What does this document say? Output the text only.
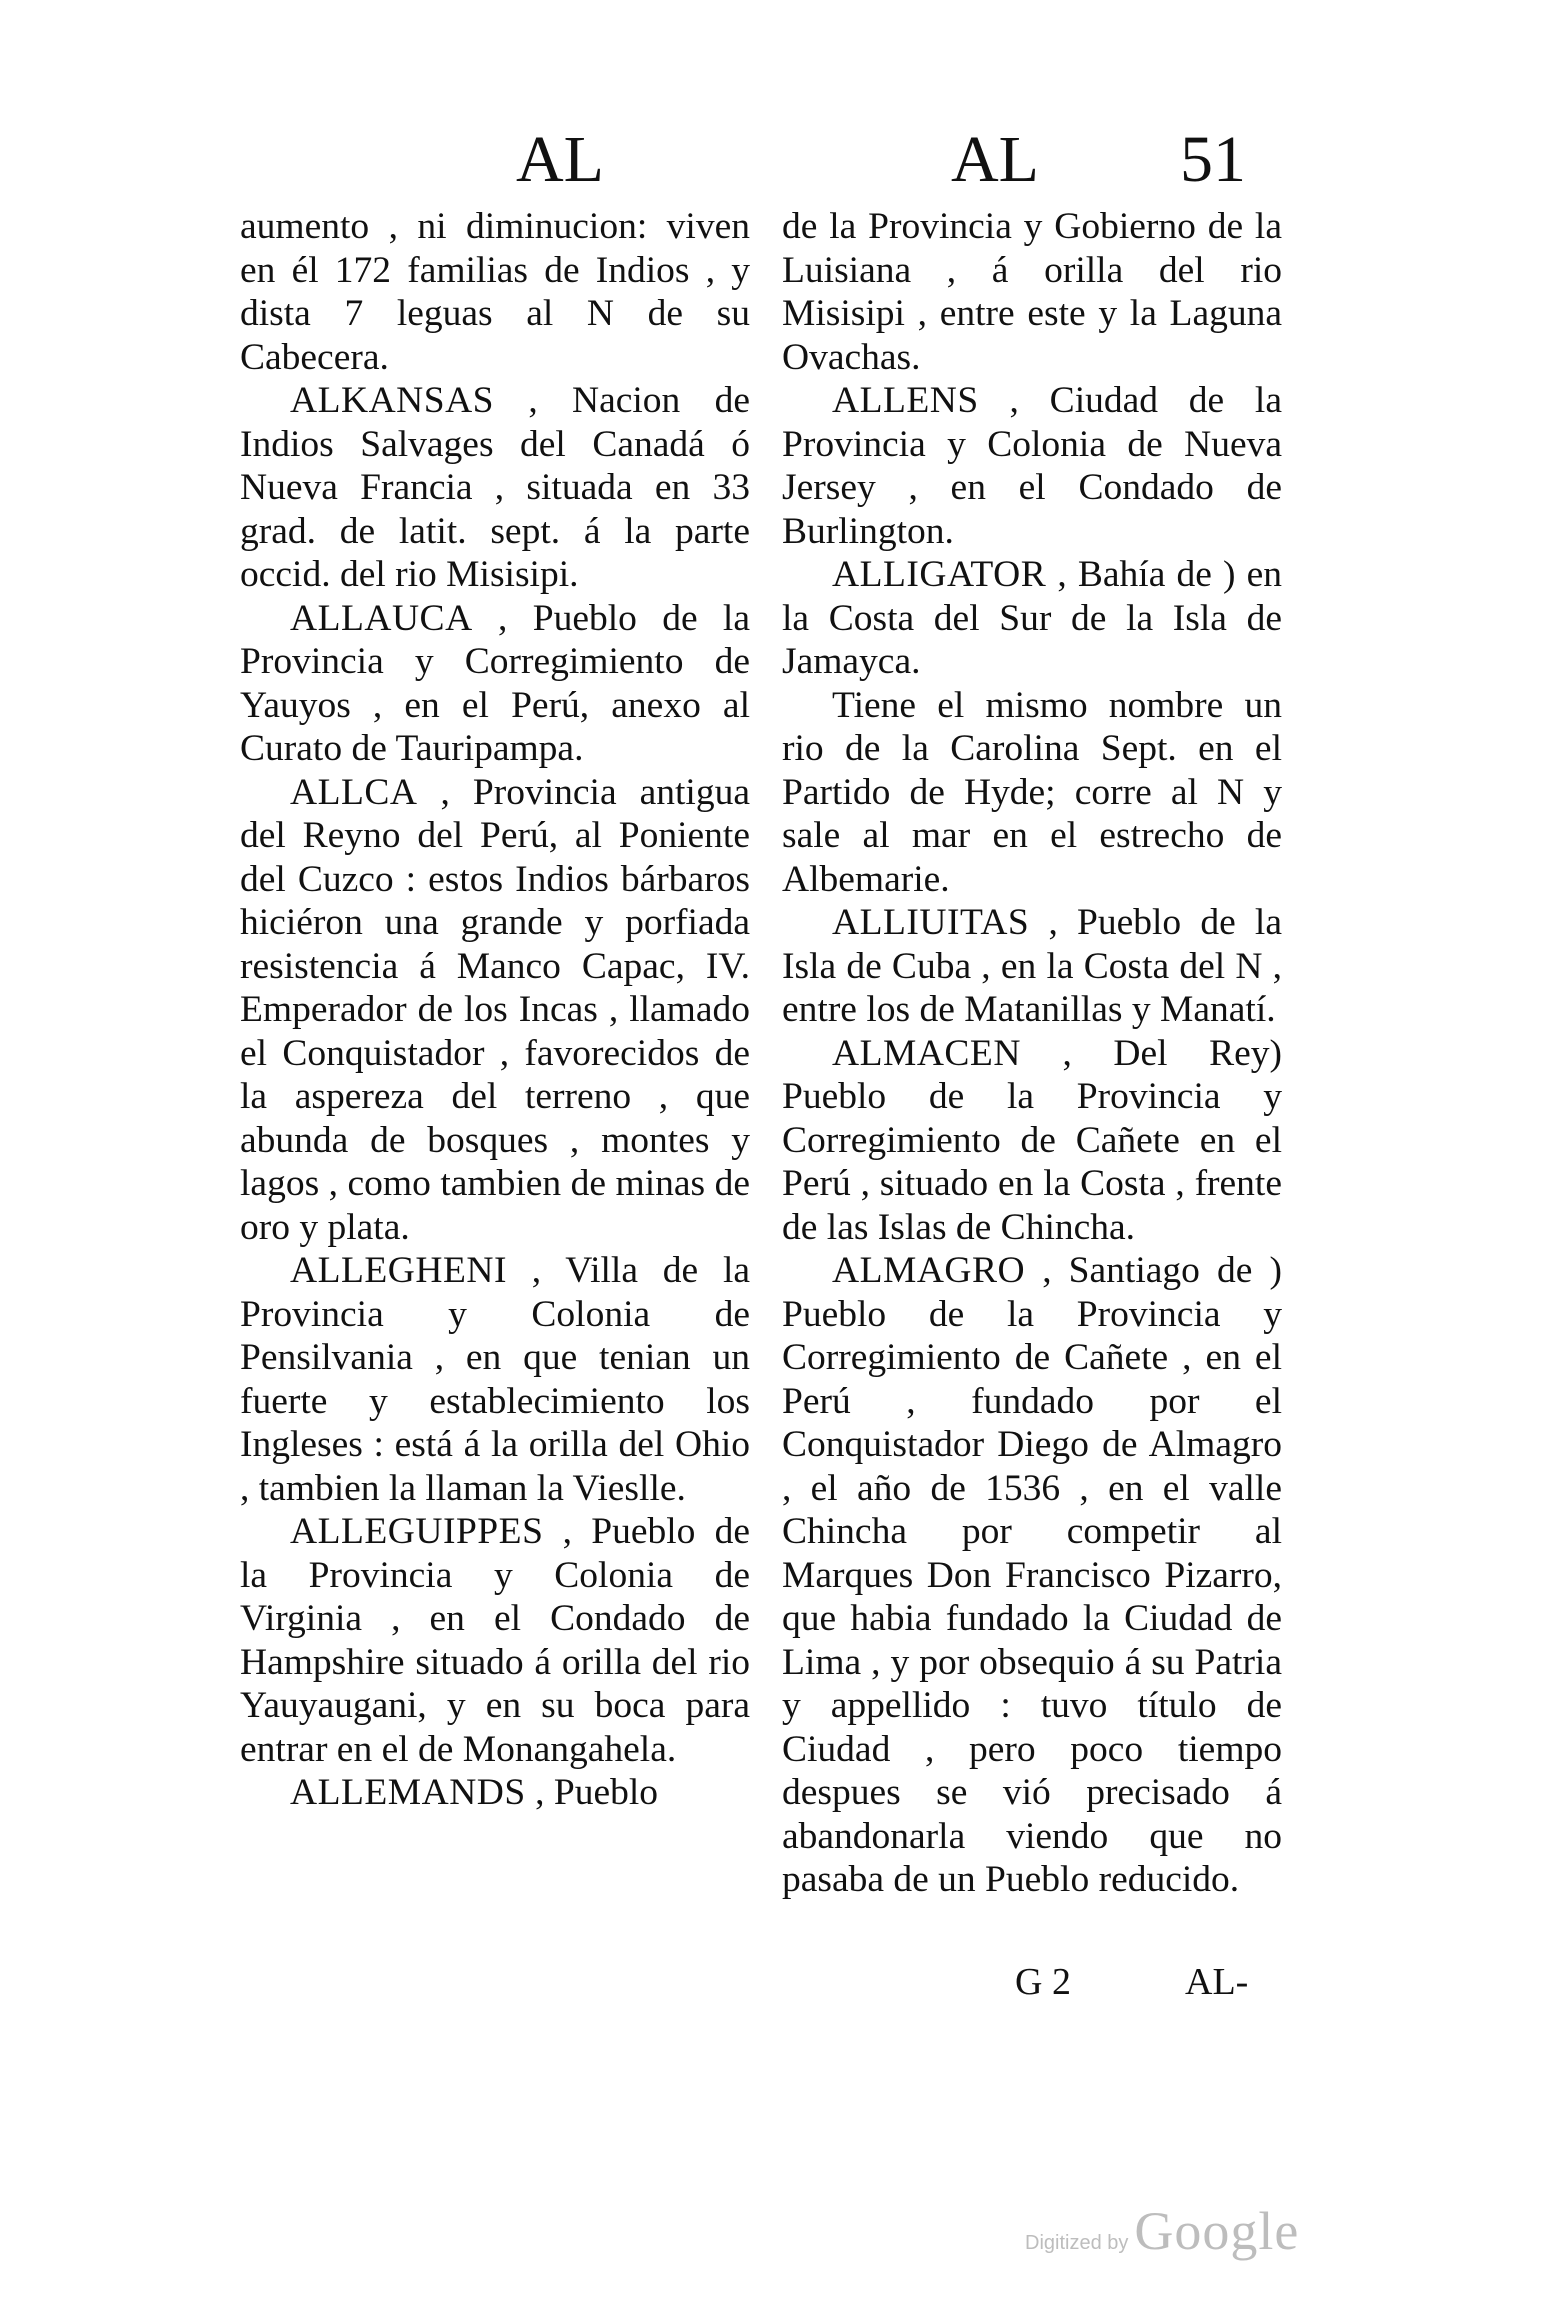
AL	AL 51

aumento , ni diminucion: viven en él 172 familias de Indios , y dista 7 leguas al N de su Cabecera.

ALKANSAS , Nacion de Indios Salvages del Canadá ó Nueva Francia , situada en 33 grad. de latit. sept. á la parte occid. del rio Misisipi.

ALLAUCA , Pueblo de la Provincia y Corregimiento de Yauyos , en el Perú, anexo al Curato de Tauripampa.

ALLCA , Provincia antigua del Reyno del Perú, al Poniente del Cuzco : estos Indios bárbaros hiciéron una grande y porfiada resistencia á Manco Capac, IV. Emperador de los Incas , llamado el Conquistador , favorecidos de la aspereza del terreno , que abunda de bosques , montes y lagos , como tambien de minas de oro y plata.

ALLEGHENI , Villa de la Provincia y Colonia de Pensilvania , en que tenian un fuerte y establecimiento los Ingleses : está á la orilla del Ohio , tambien la llaman la Vieslle.

ALLEGUIPPES , Pueblo de la Provincia y Colonia de Virginia , en el Condado de Hampshire situado á orilla del rio Yauyaugani, y en su boca para entrar en el de Monangahela.

ALLEMANDS , Pueblo

de la Provincia y Gobierno de la Luisiana , á orilla del rio Misisipi , entre este y la Laguna Ovachas.

ALLENS , Ciudad de la Provincia y Colonia de Nueva Jersey , en el Condado de Burlington.

ALLIGATOR , Bahía de ) en la Costa del Sur de la Isla de Jamayca.

Tiene el mismo nombre un rio de la Carolina Sept. en el Partido de Hyde; corre al N y sale al mar en el estrecho de Albemarie.

ALLIUITAS , Pueblo de la Isla de Cuba , en la Costa del N , entre los de Matanillas y Manatí.

ALMACEN , Del Rey) Pueblo de la Provincia y Corregimiento de Cañete en el Perú , situado en la Costa , frente de las Islas de Chincha.

ALMAGRO , Santiago de ) Pueblo de la Provincia y Corregimiento de Cañete , en el Perú , fundado por el Conquistador Diego de Almagro , el año de 1536 , en el valle Chincha por competir al Marques Don Francisco Pizarro, que habia fundado la Ciudad de Lima , y por obsequio á su Patria y appellido : tuvo título de Ciudad , pero poco tiempo despues se vió precisado á abandonarla viendo que no pasaba de un Pueblo reducido.

G 2	AL-
Digitized by Google
